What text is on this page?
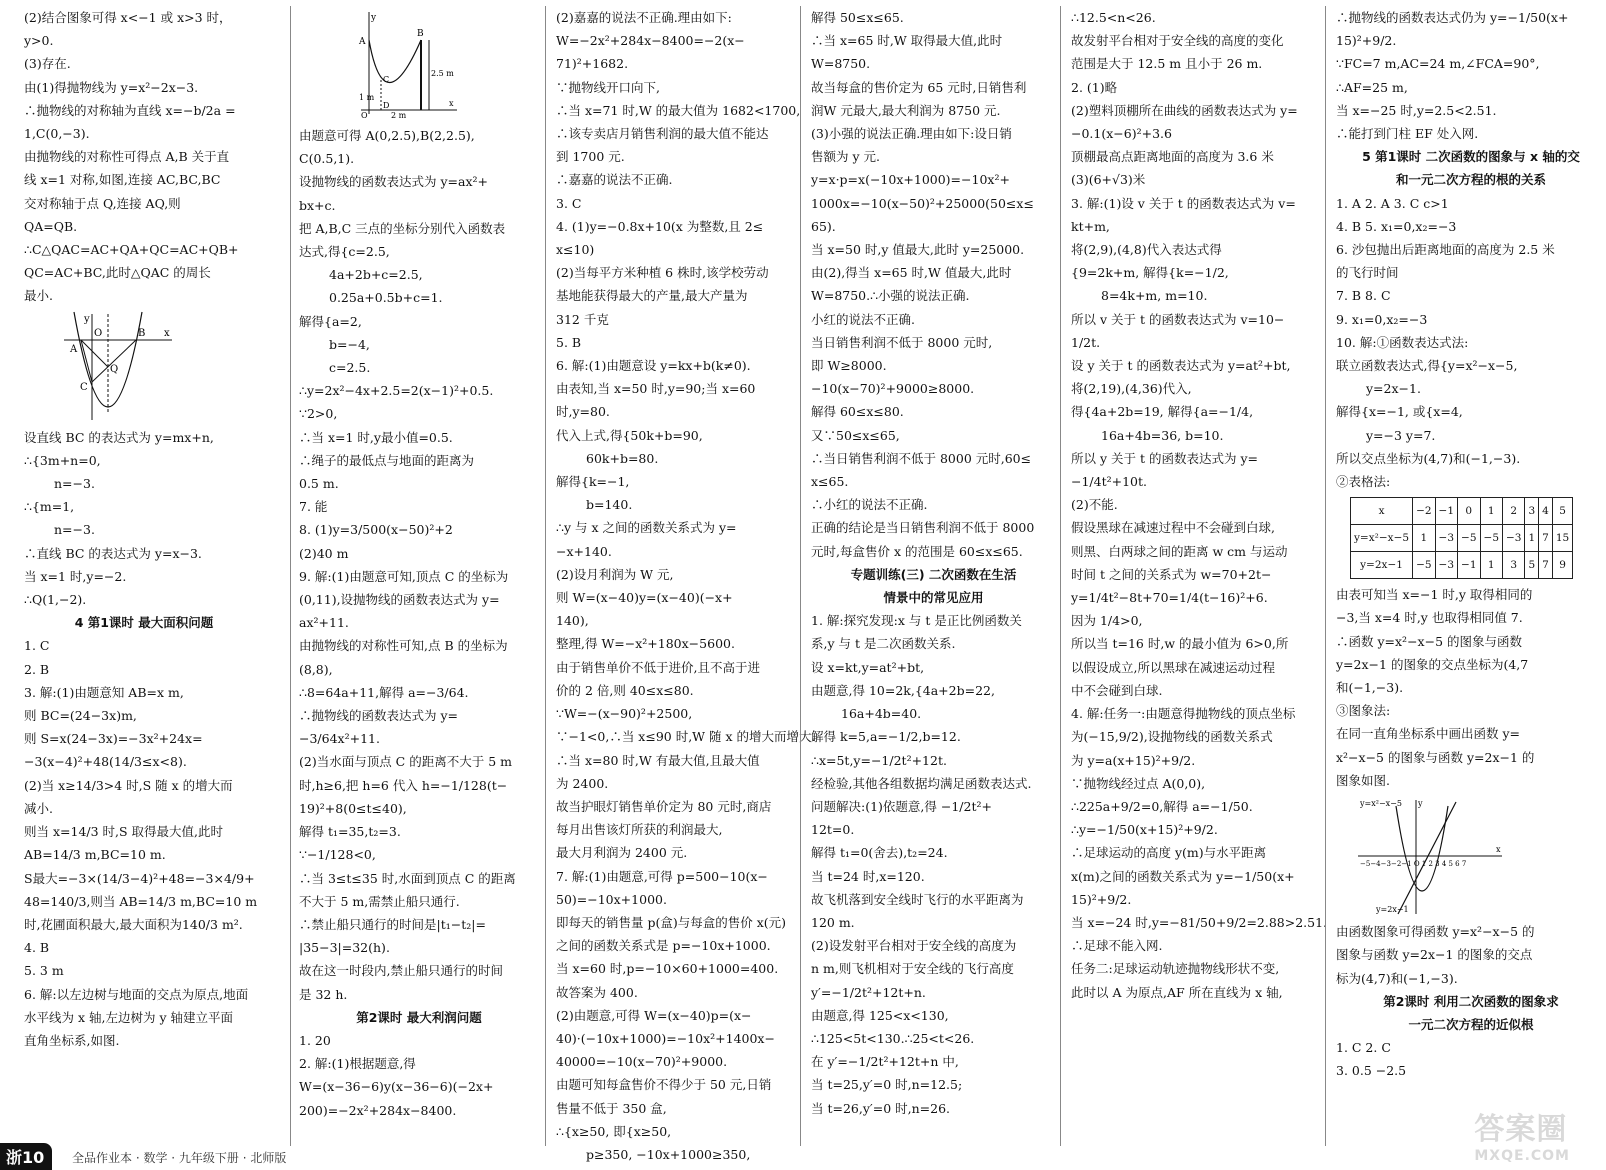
(2)结合图象可得 x<−1 或 x>3 时，
y>0.
(3)存在.
由(1)得抛物线为 y=x²−2x−3.
∴抛物线的对称轴为直线 x=−b/2a =
1,C(0,−3).
由抛物线的对称性可得点 A,B 关于直
线 x=1 对称,如图,连接 AC,BC,BC
交对称轴于点 Q,连接 AQ,则
QA=QB.
∴C△QAC=AC+QA+QC=AC+QB+
QC=AC+BC,此时△QAC 的周长
最小.
y
x
O
A
B
Q
C
设直线 BC 的表达式为 y=mx+n,
∴{3m+n=0,
n=−3.
∴{m=1,
n=−3.
∴直线 BC 的表达式为 y=x−3.
当 x=1 时,y=−2.
∴Q(1,−2).
4 第1课时 最大面积问题
1. C
2. B
3. 解:(1)由题意知 AB=x m,
则 BC=(24−3x)m,
则 S=x(24−3x)=−3x²+24x=
−3(x−4)²+48(14/3≤x<8).
(2)当 x≥14/3>4 时,S 随 x 的增大而
减小.
则当 x=14/3 时,S 取得最大值,此时
AB=14/3 m,BC=10 m.
S最大=−3×(14/3−4)²+48=−3×4/9+
48=140/3,则当 AB=14/3 m,BC=10 m
时,花圃面积最大,最大面积为140/3 m².
4. B
5. 3 m
6. 解:以左边树与地面的交点为原点,地面
水平线为 x 轴,左边树为 y 轴建立平面
直角坐标系,如图.
y
A
B
2.5 m
1 m
2 m
C
D
O
x
由题意可得 A(0,2.5),B(2,2.5),
C(0.5,1).
设抛物线的函数表达式为 y=ax²+
bx+c.
把 A,B,C 三点的坐标分别代入函数表
达式,得{c=2.5,
4a+2b+c=2.5,
0.25a+0.5b+c=1.
解得{a=2,
b=−4,
c=2.5.
∴y=2x²−4x+2.5=2(x−1)²+0.5.
∵2>0,
∴当 x=1 时,y最小值=0.5.
∴绳子的最低点与地面的距离为
0.5 m.
7. 能
8. (1)y=3/500(x−50)²+2
(2)40 m
9. 解:(1)由题意可知,顶点 C 的坐标为
(0,11),设抛物线的函数表达式为 y=
ax²+11.
由抛物线的对称性可知,点 B 的坐标为
(8,8),
∴8=64a+11,解得 a=−3/64.
∴抛物线的函数表达式为 y=
−3/64x²+11.
(2)当水面与顶点 C 的距离不大于 5 m
时,h≥6,把 h=6 代入 h=−1/128(t−
19)²+8(0≤t≤40),
解得 t₁=35,t₂=3.
∵−1/128<0,
∴当 3≤t≤35 时,水面到顶点 C 的距离
不大于 5 m,需禁止船只通行.
∴禁止船只通行的时间是|t₁−t₂|=
|35−3|=32(h).
故在这一时段内,禁止船只通行的时间
是 32 h.
第2课时 最大利润问题
1. 20
2. 解:(1)根据题意,得
W=(x−36−6)y(x−36−6)(−2x+
200)=−2x²+284x−8400.
(2)嘉嘉的说法不正确.理由如下:
W=−2x²+284x−8400=−2(x−
71)²+1682.
∵抛物线开口向下,
∴当 x=71 时,W 的最大值为 1682<1700,
∴该专卖店月销售利润的最大值不能达
到 1700 元.
∴嘉嘉的说法不正确.
3. C
4. (1)y=−0.8x+10(x 为整数,且 2≤
x≤10)
(2)当每平方米种植 6 株时,该学校劳动
基地能获得最大的产量,最大产量为
312 千克
5. B
6. 解:(1)由题意设 y=kx+b(k≠0).
由表知,当 x=50 时,y=90;当 x=60
时,y=80.
代入上式,得{50k+b=90,
60k+b=80.
解得{k=−1,
b=140.
∴y 与 x 之间的函数关系式为 y=
−x+140.
(2)设月利润为 W 元,
则 W=(x−40)y=(x−40)(−x+
140),
整理,得 W=−x²+180x−5600.
由于销售单价不低于进价,且不高于进
价的 2 倍,则 40≤x≤80.
∵W=−(x−90)²+2500,
∵−1<0,∴当 x≤90 时,W 随 x 的增大而增大.
∴当 x=80 时,W 有最大值,且最大值
为 2400.
故当护眼灯销售单价定为 80 元时,商店
每月出售该灯所获的利润最大,
最大月利润为 2400 元.
7. 解:(1)由题意,可得 p=500−10(x−
50)=−10x+1000.
即每天的销售量 p(盒)与每盒的售价 x(元)
之间的函数关系式是 p=−10x+1000.
当 x=60 时,p=−10×60+1000=400.
故答案为 400.
(2)由题意,可得 W=(x−40)p=(x−
40)·(−10x+1000)=−10x²+1400x−
40000=−10(x−70)²+9000.
由题可知每盒售价不得少于 50 元,日销
售量不低于 350 盒,
∴{x≥50, 即{x≥50,
p≥350, −10x+1000≥350,
解得 50≤x≤65.
∴当 x=65 时,W 取得最大值,此时
W=8750.
故当每盒的售价定为 65 元时,日销售利
润W 元最大,最大利润为 8750 元.
(3)小强的说法正确.理由如下:设日销
售额为 y 元.
y=x·p=x(−10x+1000)=−10x²+
1000x=−10(x−50)²+25000(50≤x≤
65).
当 x=50 时,y 值最大,此时 y=25000.
由(2),得当 x=65 时,W 值最大,此时
W=8750.∴小强的说法正确.
小红的说法不正确.
当日销售利润不低于 8000 元时,
即 W≥8000.
−10(x−70)²+9000≥8000.
解得 60≤x≤80.
又∵50≤x≤65,
∴当日销售利润不低于 8000 元时,60≤
x≤65.
∴小红的说法不正确.
正确的结论是当日销售利润不低于 8000
元时,每盒售价 x 的范围是 60≤x≤65.
专题训练(三) 二次函数在生活
情景中的常见应用
1. 解:探究发现:x 与 t 是正比例函数关
系,y 与 t 是二次函数关系.
设 x=kt,y=at²+bt,
由题意,得 10=2k,{4a+2b=22,
16a+4b=40.
解得 k=5,a=−1/2,b=12.
∴x=5t,y=−1/2t²+12t.
经检验,其他各组数据均满足函数表达式.
问题解决:(1)依题意,得 −1/2t²+
12t=0.
解得 t₁=0(舍去),t₂=24.
当 t=24 时,x=120.
故飞机落到安全线时飞行的水平距离为
120 m.
(2)设发射平台相对于安全线的高度为
n m,则飞机相对于安全线的飞行高度
y′=−1/2t²+12t+n.
由题意,得 125<x<130,
∴125<5t<130.∴25<t<26.
在 y′=−1/2t²+12t+n 中,
当 t=25,y′=0 时,n=12.5;
当 t=26,y′=0 时,n=26.
∴12.5<n<26.
故发射平台相对于安全线的高度的变化
范围是大于 12.5 m 且小于 26 m.
2. (1)略
(2)塑料顶棚所在曲线的函数表达式为 y=
−0.1(x−6)²+3.6
顶棚最高点距离地面的高度为 3.6 米
(3)(6+√3)米
3. 解:(1)设 v 关于 t 的函数表达式为 v=
kt+m,
将(2,9),(4,8)代入表达式得
{9=2k+m, 解得{k=−1/2,
8=4k+m, m=10.
所以 v 关于 t 的函数表达式为 v=10−
1/2t.
设 y 关于 t 的函数表达式为 y=at²+bt,
将(2,19),(4,36)代入,
得{4a+2b=19, 解得{a=−1/4,
16a+4b=36, b=10.
所以 y 关于 t 的函数表达式为 y=
−1/4t²+10t.
(2)不能.
假设黑球在减速过程中不会碰到白球,
则黑、白两球之间的距离 w cm 与运动
时间 t 之间的关系式为 w=70+2t−
y=1/4t²−8t+70=1/4(t−16)²+6.
因为 1/4>0,
所以当 t=16 时,w 的最小值为 6>0,所
以假设成立,所以黑球在减速运动过程
中不会碰到白球.
4. 解:任务一:由题意得抛物线的顶点坐标
为(−15,9/2),设抛物线的函数关系式
为 y=a(x+15)²+9/2.
∵抛物线经过点 A(0,0),
∴225a+9/2=0,解得 a=−1/50.
∴y=−1/50(x+15)²+9/2.
∴足球运动的高度 y(m)与水平距离
x(m)之间的函数关系式为 y=−1/50(x+
15)²+9/2.
当 x=−24 时,y=−81/50+9/2=2.88>2.51.
∴足球不能入网.
任务二:足球运动轨迹抛物线形状不变,
此时以 A 为原点,AF 所在直线为 x 轴,
∴抛物线的函数表达式仍为 y=−1/50(x+
15)²+9/2.
∵FC=7 m,AC=24 m,∠FCA=90°,
∴AF=25 m,
当 x=−25 时,y=2.5<2.51.
∴能打到门柱 EF 处入网.
5 第1课时 二次函数的图象与 x 轴的交
和一元二次方程的根的关系
1. A 2. A 3. C c>1
4. B 5. x₁=0,x₂=−3
6. 沙包抛出后距离地面的高度为 2.5 米
的飞行时间
7. B 8. C
9. x₁=0,x₂=−3
10. 解:①函数表达式法:
联立函数表达式,得{y=x²−x−5,
y=2x−1.
解得{x=−1, 或{x=4,
y=−3 y=7.
所以交点坐标为(4,7)和(−1,−3).
②表格法:
x	−2	−1	0	1	2	3	4	5
y=x²−x−5	1	−3	−5	−5	−3	1	7	15
y=2x−1	−5	−3	−1	1	3	5	7	9
由表可知当 x=−1 时,y 取得相同的
−3,当 x=4 时,y 也取得相同值 7.
∴函数 y=x²−x−5 的图象与函数
y=2x−1 的图象的交点坐标为(4,7
和(−1,−3).
③图象法:
在同一直角坐标系中画出函数 y=
x²−x−5 的图象与函数 y=2x−1 的
图象如图.
y=x²−x−5
y=2x−1
y
x
−5−4−3−2−1 O 1 2 3 4 5 6 7
由函数图象可得函数 y=x²−x−5 的
图象与函数 y=2x−1 的图象的交点
标为(4,7)和(−1,−3).
第2课时 利用二次函数的图象求
一元二次方程的近似根
1. C 2. C
3. 0.5 −2.5
浙10	全品作业本 · 数学 · 九年级下册 · 北师版
答案圈
MXQE.COM
